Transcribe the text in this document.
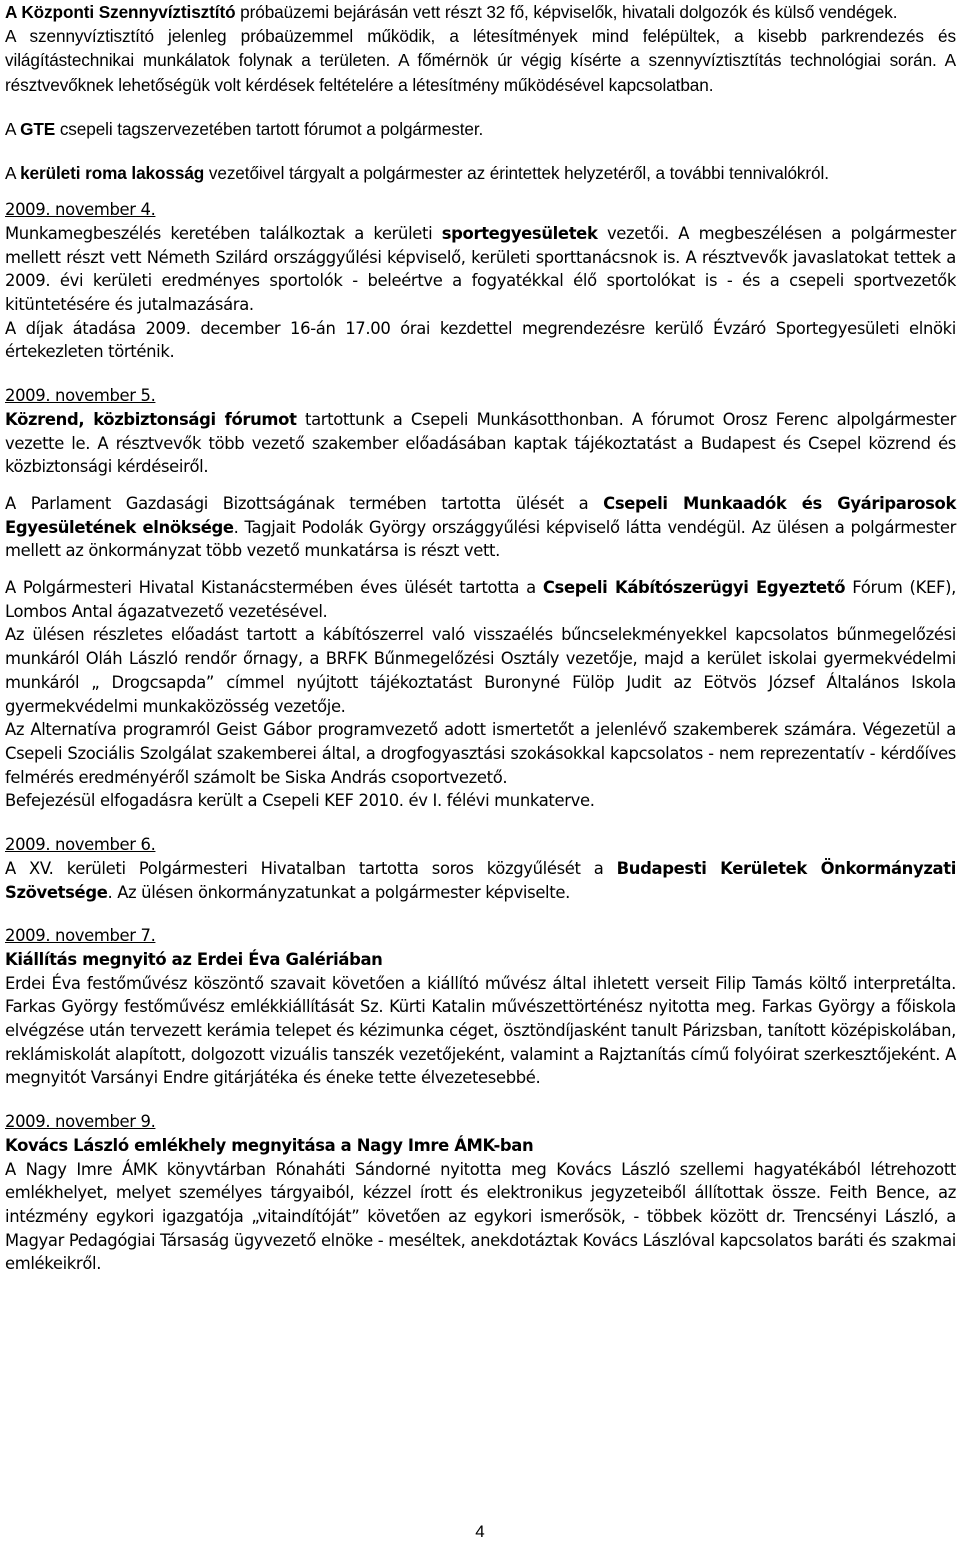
A Központi Szennyvíztisztító próbaüzemi bejárásán vett részt 32 fő, képviselők, hivatali dolgozók és külső vendégek.
A szennyvíztisztító jelenleg próbaüzemmel működik, a létesítmények mind felépültek, a kisebb parkrendezés és világítástechnikai munkálatok folynak a területen. A főmérnök úr végig kísérte a szennyvíztisztítás technológiai során. A résztvevőknek lehetőségük volt kérdések feltételére a létesítmény működésével kapcsolatban.

A GTE csepeli tagszervezetében tartott fórumot a polgármester.

A kerületi roma lakosság vezetőivel tárgyalt a polgármester az érintettek helyzetéről, a további tennivalókról.

2009. november 4.

Munkamegbeszélés keretében találkoztak a kerületi sportegyesületek vezetői. A megbeszélésen a polgármester mellett részt vett Németh Szilárd országgyűlési képviselő, kerületi sporttanácsnok is. A résztvevők javaslatokat tettek a 2009. évi kerületi eredményes sportolók - beleértve a fogyatékkal élő sportolókat is - és a csepeli sportvezetők kitüntetésére és jutalmazására.

A díjak átadása 2009. december 16-án 17.00 órai kezdettel megrendezésre kerülő Évzáró Sportegyesületi elnöki értekezleten történik.

2009. november 5.

Közrend, közbiztonsági fórumot tartottunk a Csepeli Munkásotthonban. A fórumot Orosz Ferenc alpolgármester vezette le. A résztvevők több vezető szakember előadásában kaptak tájékoztatást a Budapest és Csepel közrend és közbiztonsági kérdéseiről.

A Parlament Gazdasági Bizottságának termében tartotta ülését a Csepeli Munkaadók és Gyáriparosok Egyesületének elnöksége. Tagjait Podolák György országgyűlési képviselő látta vendégül. Az ülésen a polgármester mellett az önkormányzat több vezető munkatársa is részt vett.

A Polgármesteri Hivatal Kistanácstermében éves ülését tartotta a Csepeli Kábítószerügyi Egyeztető Fórum (KEF), Lombos Antal ágazatvezető vezetésével.

Az ülésen részletes előadást tartott a kábítószerrel való visszaélés bűncselekményekkel kapcsolatos bűnmegelőzési munkáról Oláh László rendőr őrnagy, a BRFK Bűnmegelőzési Osztály vezetője, majd a kerület iskolai gyermekvédelmi munkáról „ Drogcsapda” címmel nyújtott tájékoztatást Buronyné Fülöp Judit az Eötvös József Általános Iskola gyermekvédelmi munkaközösség vezetője.

Az Alternatíva programról Geist Gábor programvezető adott ismertetőt a jelenlévő szakemberek számára. Végezetül a Csepeli Szociális Szolgálat szakemberei által, a drogfogyasztási szokásokkal kapcsolatos - nem reprezentatív - kérdőíves felmérés eredményéről számolt be Siska András csoportvezető.

Befejezésül elfogadásra került a Csepeli KEF 2010. év I. félévi munkaterve.

2009. november 6.

A XV. kerületi Polgármesteri Hivatalban tartotta soros közgyűlését a Budapesti Kerületek Önkormányzati Szövetsége. Az ülésen önkormányzatunkat a polgármester képviselte.

2009. november 7.

Kiállítás megnyitó az Erdei Éva Galériában

Erdei Éva festőművész köszöntő szavait követően a kiállító művész által ihletett verseit Filip Tamás költő interpretálta. Farkas György festőművész emlékkiállítását Sz. Kürti Katalin művészettörténész nyitotta meg. Farkas György a főiskola elvégzése után tervezett kerámia telepet és kézimunka céget, ösztöndíjasként tanult Párizsban, tanított középiskolában, reklámiskolát alapított, dolgozott vizuális tanszék vezetőjeként, valamint a Rajztanítás című folyóirat szerkesztőjeként. A megnyitót Varsányi Endre gitárjátéka és éneke tette élvezetesebbé.

2009. november 9.

Kovács László emlékhely megnyitása a Nagy Imre ÁMK-ban

A Nagy Imre ÁMK könyvtárban Rónaháti Sándorné nyitotta meg Kovács László szellemi hagyatékából létrehozott emlékhelyet, melyet személyes tárgyaiból, kézzel írott és elektronikus jegyzeteiből állítottak össze. Feith Bence, az intézmény egykori igazgatója „vitaindítóját” követően az egykori ismerősök, - többek között dr. Trencsényi László, a Magyar Pedagógiai Társaság ügyvezető elnöke - meséltek, anekdotáztak Kovács Lászlóval kapcsolatos baráti és szakmai emlékeikről.

4
